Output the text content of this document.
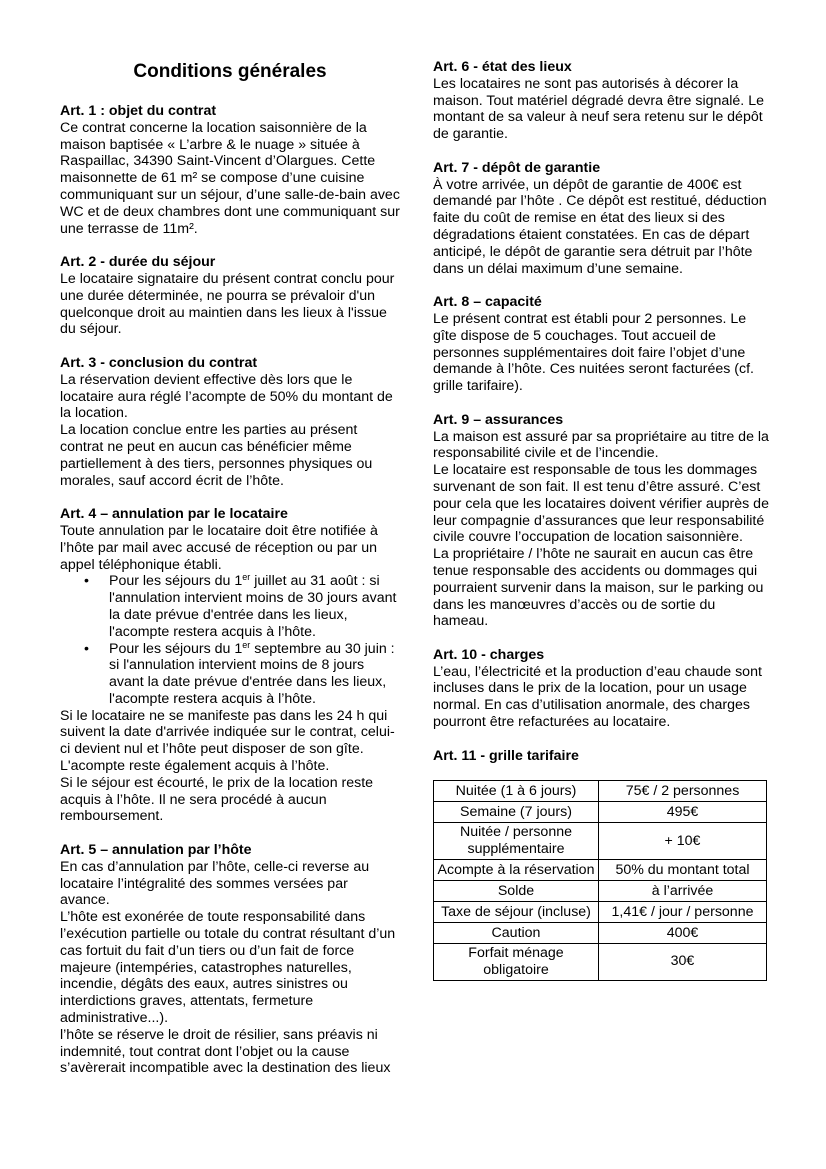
Conditions générales
Art. 1 : objet du contrat

Ce contrat concerne la location saisonnière de la maison baptisée « L’arbre & le nuage » située à Raspaillac, 34390 Saint-Vincent d’Olargues. Cette maisonnette de 61 m² se compose d’une cuisine communiquant sur un séjour, d’une salle-de-bain avec WC et de deux chambres dont une communiquant sur une terrasse de 11m².

Art. 2 - durée du séjour

Le locataire signataire du présent contrat conclu pour une durée déterminée, ne pourra se prévaloir d'un quelconque droit au maintien dans les lieux à l'issue du séjour.

Art. 3 - conclusion du contrat

La réservation devient effective dès lors que le locataire aura réglé l’acompte de 50% du montant de la location.

La location conclue entre les parties au présent contrat ne peut en aucun cas bénéficier même partiellement à des tiers, personnes physiques ou morales, sauf accord écrit de l’hôte.

Art. 4 – annulation par le locataire

Toute annulation par le locataire doit être notifiée à l’hôte par mail avec accusé de réception ou par un appel téléphonique établi.

• Pour les séjours du 1er juillet au 31 août : si l'annulation intervient moins de 30 jours avant la date prévue d'entrée dans les lieux, l'acompte restera acquis à l’hôte.
• Pour les séjours du 1er septembre au 30 juin : si l'annulation intervient moins de 8 jours avant la date prévue d'entrée dans les lieux, l'acompte restera acquis à l’hôte.

Si le locataire ne se manifeste pas dans les 24 h qui suivent la date d'arrivée indiquée sur le contrat, celui-ci devient nul et l’hôte peut disposer de son gîte. L'acompte reste également acquis à l’hôte.

Si le séjour est écourté, le prix de la location reste acquis à l’hôte. Il ne sera procédé à aucun remboursement.

Art. 5 – annulation par l’hôte

En cas d’annulation par l’hôte, celle-ci reverse au locataire l’intégralité des sommes versées par avance.

L’hôte est exonérée de toute responsabilité dans l’exécution partielle ou totale du contrat résultant d’un cas fortuit du fait d’un tiers ou d’un fait de force majeure (intempéries, catastrophes naturelles, incendie, dégâts des eaux, autres sinistres ou interdictions graves, attentats, fermeture administrative...).

l’hôte se réserve le droit de résilier, sans préavis ni indemnité, tout contrat dont l’objet ou la cause s’avèrerait incompatible avec la destination des lieux

Art. 6 - état des lieux

Les locataires ne sont pas autorisés à décorer la maison. Tout matériel dégradé devra être signalé. Le montant de sa valeur à neuf sera retenu sur le dépôt de garantie.

Art. 7 - dépôt de garantie

À votre arrivée, un dépôt de garantie de 400€ est demandé par l’hôte . Ce dépôt est restitué, déduction faite du coût de remise en état des lieux si des dégradations étaient constatées. En cas de départ anticipé, le dépôt de garantie sera détruit par l’hôte dans un délai maximum d’une semaine.

Art. 8 – capacité

Le présent contrat est établi pour 2 personnes. Le gîte dispose de 5 couchages. Tout accueil de personnes supplémentaires doit faire l’objet d’une demande à l’hôte. Ces nuitées seront facturées (cf. grille tarifaire).

Art. 9 – assurances

La maison est assuré par sa propriétaire au titre de la responsabilité civile et de l’incendie.

Le locataire est responsable de tous les dommages survenant de son fait. Il est tenu d’être assuré. C’est pour cela que les locataires doivent vérifier auprès de leur compagnie d’assurances que leur responsabilité civile couvre l’occupation de location saisonnière.

La propriétaire / l’hôte ne saurait en aucun cas être tenue responsable des accidents ou dommages qui pourraient survenir dans la maison, sur le parking ou dans les manœuvres d’accès ou de sortie du hameau.

Art. 10 - charges

L’eau, l’électricité et la production d’eau chaude sont incluses dans le prix de la location, pour un usage normal. En cas d’utilisation anormale, des charges pourront être refacturées au locataire.

Art. 11 - grille tarifaire
Nuitée (1 à 6 jours)	75€ / 2 personnes
Semaine (7 jours)	495€
Nuitée / personne supplémentaire	+ 10€
Acompte à la réservation	50% du montant total
Solde	à l’arrivée
Taxe de séjour (incluse)	1,41€ / jour / personne
Caution	400€
Forfait ménage obligatoire	30€
